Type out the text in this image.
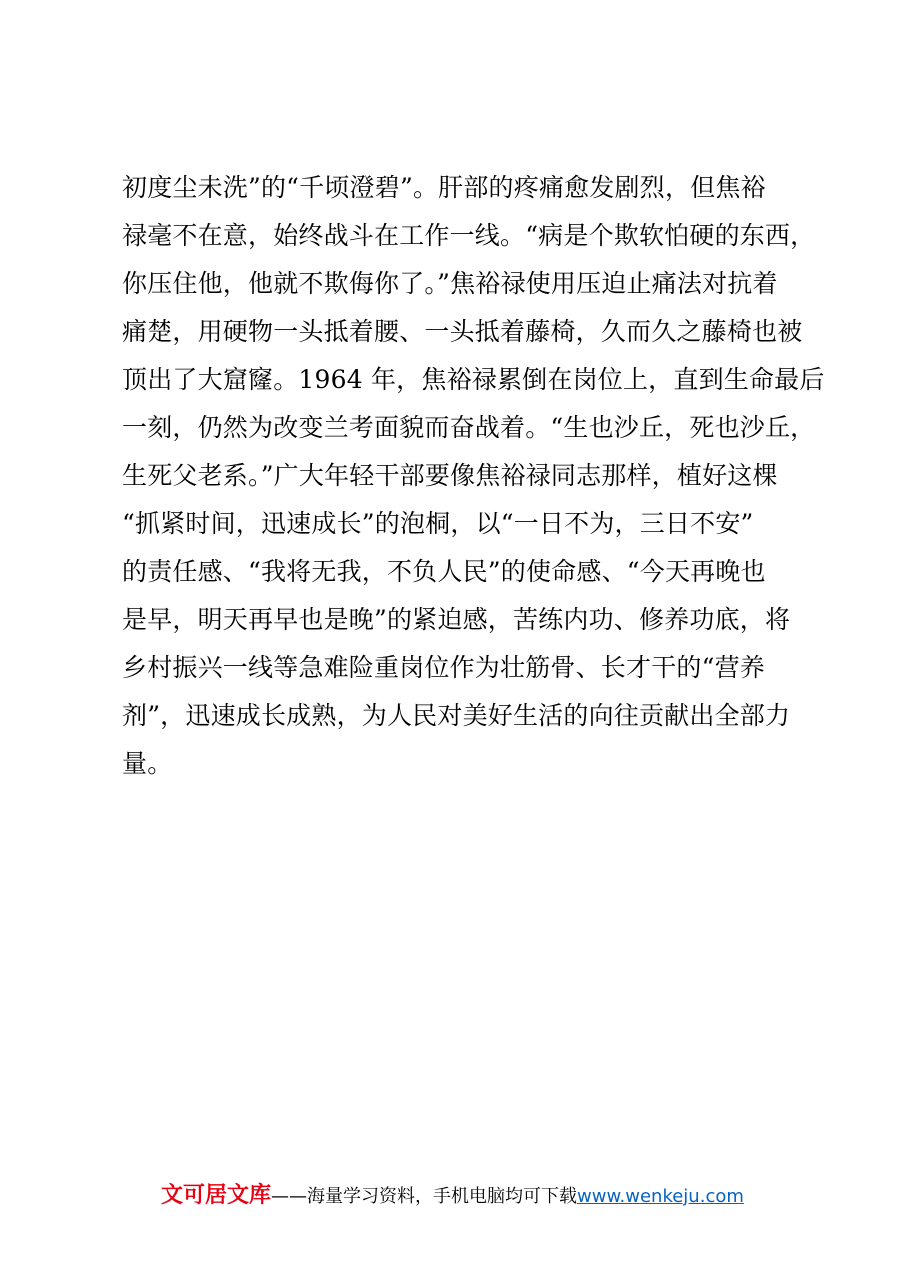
初度尘未洗”的“千顷澄碧”。肝部的疼痛愈发剧烈，但焦裕
禄毫不在意，始终战斗在工作一线。“病是个欺软怕硬的东西，
你压住他，他就不欺侮你了。”焦裕禄使用压迫止痛法对抗着
痛楚，用硬物一头抵着腰、一头抵着藤椅，久而久之藤椅也被
顶出了大窟窿。1964 年，焦裕禄累倒在岗位上，直到生命最后
一刻，仍然为改变兰考面貌而奋战着。“生也沙丘，死也沙丘，
生死父老系。”广大年轻干部要像焦裕禄同志那样，植好这棵
“抓紧时间，迅速成长”的泡桐，以“一日不为，三日不安”
的责任感、“我将无我，不负人民”的使命感、“今天再晚也
是早，明天再早也是晚”的紧迫感，苦练内功、修养功底，将
乡村振兴一线等急难险重岗位作为壮筋骨、长才干的“营养
剂”，迅速成长成熟，为人民对美好生活的向往贡献出全部力
量。
文可居文库——海量学习资料，手机电脑均可下载www.wenkeju.com
